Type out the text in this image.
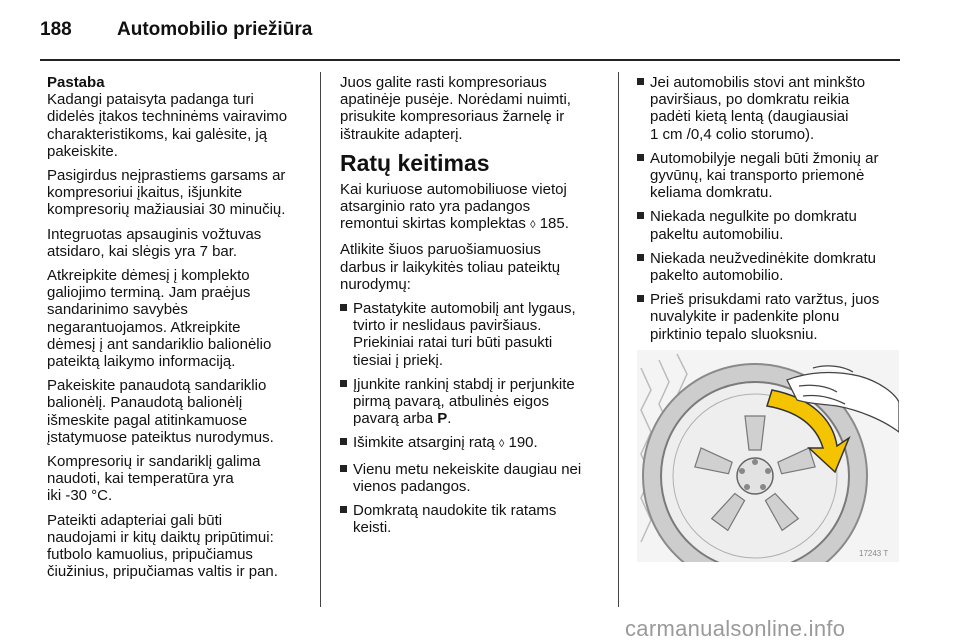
188 Automobilio priežiūra

Pastaba
Kadangi pataisyta padanga turi
didelės įtakos techninėms vairavimo
charakteristikoms, kai galėsite, ją
pakeiskite.

Pasigirdus neįprastiems garsams ar
kompresoriui įkaitus, išjunkite
kompresorių mažiausiai 30 minučių.

Integruotas apsauginis vožtuvas
atsidaro, kai slėgis yra 7 bar.

Atkreipkite dėmesį į komplekto
galiojimo terminą. Jam praėjus
sandarinimo savybės
negarantuojamos. Atkreipkite
dėmesį į ant sandariklio balionėlio
pateiktą laikymo informaciją.

Pakeiskite panaudotą sandariklio
balionėlį. Panaudotą balionėlį
išmeskite pagal atitinkamuose
įstatymuose pateiktus nurodymus.

Kompresorių ir sandariklį galima
naudoti, kai temperatūra yra
iki -30 °C.

Pateikti adapteriai gali būti
naudojami ir kitų daiktų pripūtimui:
futbolo kamuolius, pripučiamus
čiužinius, pripučiamas valtis ir pan.

Juos galite rasti kompresoriaus
apatinėje pusėje. Norėdami nuimti,
prisukite kompresoriaus žarnelę ir
ištraukite adapterį.

Ratų keitimas

Kai kuriuose automobiliuose vietoj
atsarginio rato yra padangos
remontui skirtas komplektas ◊ 185.

Atlikite šiuos paruošiamuosius
darbus ir laikykitės toliau pateiktų
nurodymų:

Pastatykite automobilį ant lygaus,
tvirto ir neslidaus paviršiaus.
Priekiniai ratai turi būti pasukti
tiesiai į priekį.
Įjunkite rankinį stabdį ir perjunkite
pirmą pavarą, atbulinės eigos
pavarą arba P.
Išimkite atsarginį ratą ◊ 190.
Vienu metu nekeiskite daugiau nei
vienos padangos.
Domkratą naudokite tik ratams
keisti.
Jei automobilis stovi ant minkšto
paviršiaus, po domkratu reikia
padėti kietą lentą (daugiausiai
1 cm /0,4 colio storumo).
Automobilyje negali būti žmonių ar
gyvūnų, kai transporto priemonė
keliama domkratu.
Niekada negulkite po domkratu
pakeltu automobiliu.
Niekada neužvedinėkite domkratu
pakelto automobilio.
Prieš prisukdami rato varžtus, juos
nuvalykite ir padenkite plonu
pirktinio tepalo sluoksniu.
17243 T
carmanualsonline.info
